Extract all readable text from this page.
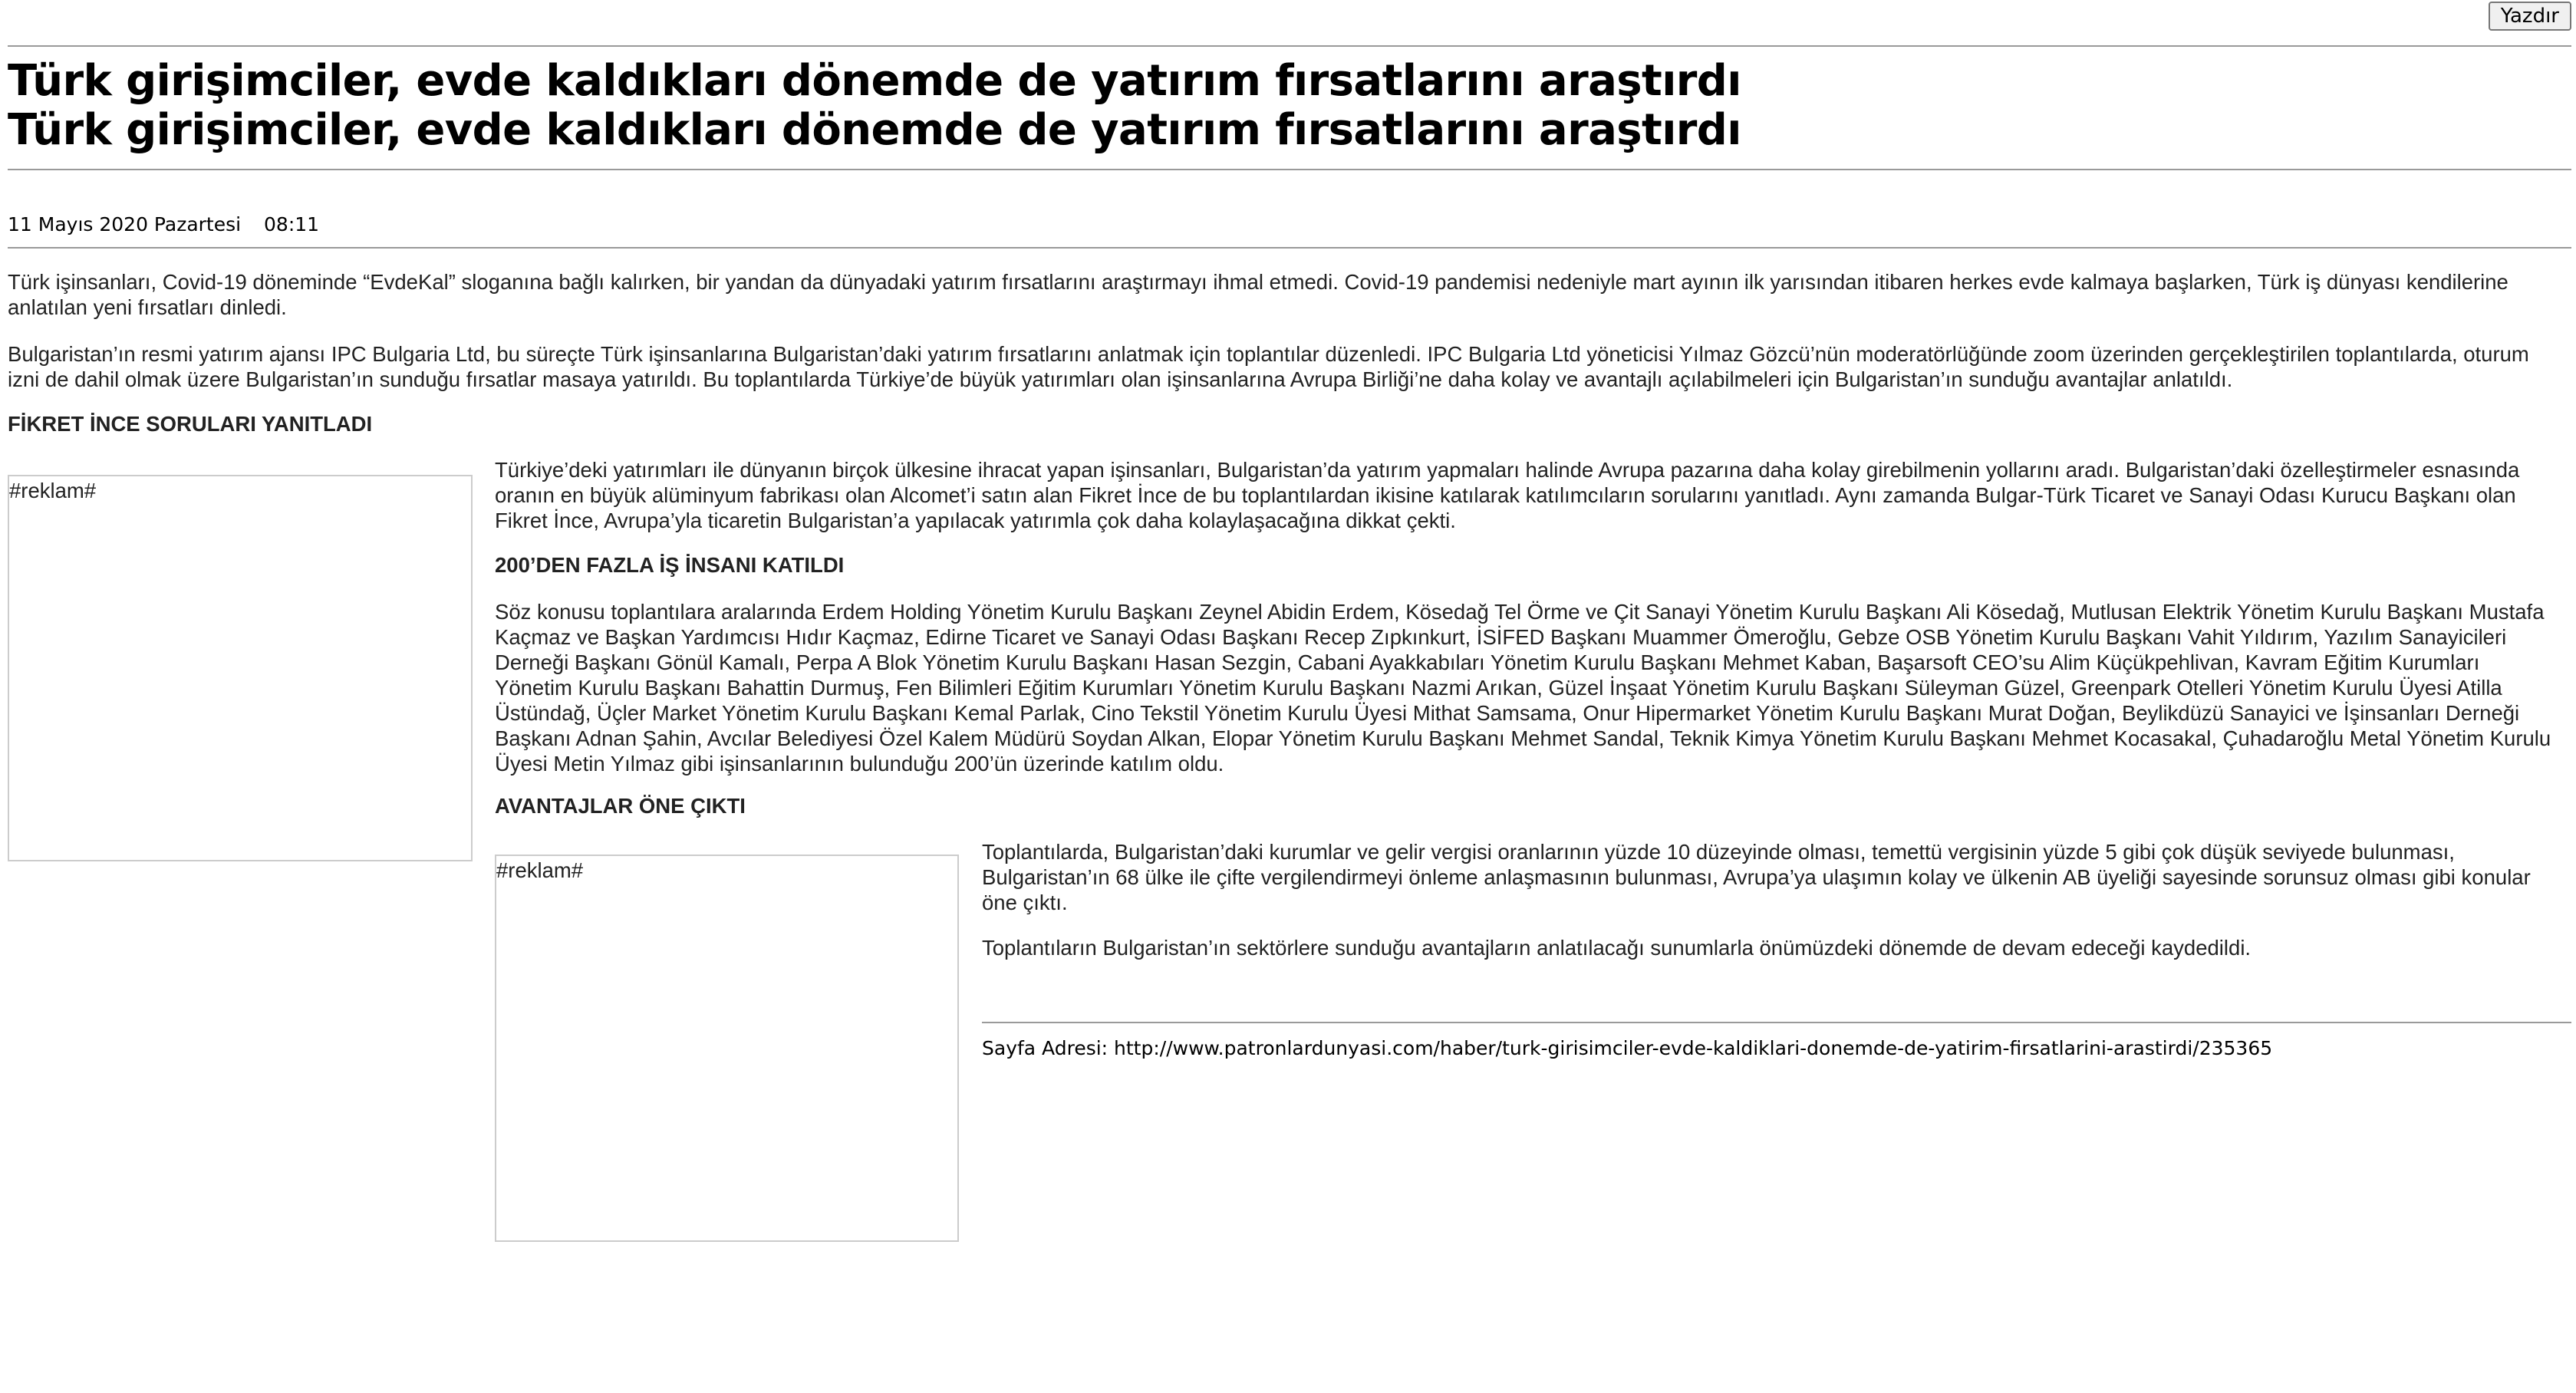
Yazdır
Türk girişimciler, evde kaldıkları dönemde de yatırım fırsatlarını araştırdı
Türk girişimciler, evde kaldıkları dönemde de yatırım fırsatlarını araştırdı
11 Mayıs 2020 Pazartesi 08:11

Türk işinsanları, Covid-19 döneminde “EvdeKal” sloganına bağlı kalırken, bir yandan da dünyadaki yatırım fırsatlarını araştırmayı ihmal etmedi. Covid-19 pandemisi nedeniyle mart ayının ilk yarısından itibaren herkes evde kalmaya başlarken, Türk iş dünyası kendilerine anlatılan yeni fırsatları dinledi.

Bulgaristan’ın resmi yatırım ajansı IPC Bulgaria Ltd, bu süreçte Türk işinsanlarına Bulgaristan’daki yatırım fırsatlarını anlatmak için toplantılar düzenledi. IPC Bulgaria Ltd yöneticisi Yılmaz Gözcü’nün moderatörlüğünde zoom üzerinden gerçekleştirilen toplantılarda, oturum izni de dahil olmak üzere Bulgaristan’ın sunduğu fırsatlar masaya yatırıldı. Bu toplantılarda Türkiye’de büyük yatırımları olan işinsanlarına Avrupa Birliği’ne daha kolay ve avantajlı açılabilmeleri için Bulgaristan’ın sunduğu avantajlar anlatıldı.

FİKRET İNCE SORULARI YANITLADI
#reklam#

Türkiye’deki yatırımları ile dünyanın birçok ülkesine ihracat yapan işinsanları, Bulgaristan’da yatırım yapmaları halinde Avrupa pazarına daha kolay girebilmenin yollarını aradı. Bulgaristan’daki özelleştirmeler esnasında oranın en büyük alüminyum fabrikası olan Alcomet’i satın alan Fikret İnce de bu toplantılardan ikisine katılarak katılımcıların sorularını yanıtladı. Aynı zamanda Bulgar-Türk Ticaret ve Sanayi Odası Kurucu Başkanı olan Fikret İnce, Avrupa’yla ticaretin Bulgaristan’a yapılacak yatırımla çok daha kolaylaşacağına dikkat çekti.

200’DEN FAZLA İŞ İNSANI KATILDI

Söz konusu toplantılara aralarında Erdem Holding Yönetim Kurulu Başkanı Zeynel Abidin Erdem, Kösedağ Tel Örme ve Çit Sanayi Yönetim Kurulu Başkanı Ali Kösedağ, Mutlusan Elektrik Yönetim Kurulu Başkanı Mustafa Kaçmaz ve Başkan Yardımcısı Hıdır Kaçmaz, Edirne Ticaret ve Sanayi Odası Başkanı Recep Zıpkınkurt, İSİFED Başkanı Muammer Ömeroğlu, Gebze OSB Yönetim Kurulu Başkanı Vahit Yıldırım, Yazılım Sanayicileri Derneği Başkanı Gönül Kamalı, Perpa A Blok Yönetim Kurulu Başkanı Hasan Sezgin, Cabani Ayakkabıları Yönetim Kurulu Başkanı Mehmet Kaban, Başarsoft CEO’su Alim Küçükpehlivan, Kavram Eğitim Kurumları Yönetim Kurulu Başkanı Bahattin Durmuş, Fen Bilimleri Eğitim Kurumları Yönetim Kurulu Başkanı Nazmi Arıkan, Güzel İnşaat Yönetim Kurulu Başkanı Süleyman Güzel, Greenpark Otelleri Yönetim Kurulu Üyesi Atilla Üstündağ, Üçler Market Yönetim Kurulu Başkanı Kemal Parlak, Cino Tekstil Yönetim Kurulu Üyesi Mithat Samsama, Onur Hipermarket Yönetim Kurulu Başkanı Murat Doğan, Beylikdüzü Sanayici ve İşinsanları Derneği Başkanı Adnan Şahin, Avcılar Belediyesi Özel Kalem Müdürü Soydan Alkan, Elopar Yönetim Kurulu Başkanı Mehmet Sandal, Teknik Kimya Yönetim Kurulu Başkanı Mehmet Kocasakal, Çuhadaroğlu Metal Yönetim Kurulu Üyesi Metin Yılmaz gibi işinsanlarının bulunduğu 200’ün üzerinde katılım oldu.

AVANTAJLAR ÖNE ÇIKTI
#reklam#

Toplantılarda, Bulgaristan’daki kurumlar ve gelir vergisi oranlarının yüzde 10 düzeyinde olması, temettü vergisinin yüzde 5 gibi çok düşük seviyede bulunması, Bulgaristan’ın 68 ülke ile çifte vergilendirmeyi önleme anlaşmasının bulunması, Avrupa’ya ulaşımın kolay ve ülkenin AB üyeliği sayesinde sorunsuz olması gibi konular öne çıktı.

Toplantıların Bulgaristan’ın sektörlere sunduğu avantajların anlatılacağı sunumlarla önümüzdeki dönemde de devam edeceği kaydedildi.

Sayfa Adresi: http://www.patronlardunyasi.com/haber/turk-girisimciler-evde-kaldiklari-donemde-de-yatirim-firsatlarini-arastirdi/235365
